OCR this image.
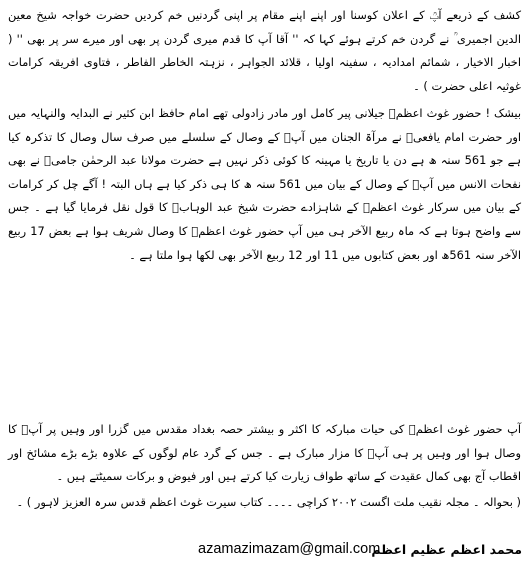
کشف کے ذریعے آپؒ کے اعلان کوسنا اور اپنے اپنے مقام پر اپنی گردنیں خم کردیں حضرت خواجہ شیخ معین الدین اجمیری ؒ نے گردن خم کرتے ہوئے کہا کہ '' آقا آپ کا قدم میری گردن پر بھی اور میرے سر پر بھی '' ( اخبار الاخیار ، شمائم امدادیہ ، سفینہ اولیا ، قلائد الجواہر ، نزہتہ الخاطر الفاطر ، فتاوی افریقہ کرامات غوثیہ اعلی حضرت ) ۔

بیشک ! حضور غوث اعظمؒ جیلانی پیر کامل اور مادر زادولی تھے امام حافظ ابن کثیر نے البدایہ والنہایہ میں اور حضرت امام یافعیؒ نے مرآۃ الجنان میں آپؒ کے وصال کے سلسلے میں صرف سال وصال کا تذکرہ کیا ہے جو 561 سنہ ھ ہے دن یا تاریخ یا مہینہ کا کوئی ذکر نہیں ہے حضرت مولانا عبد الرحمٰن جامیؒ نے بھی نفحات الانس میں آپؒ کے وصال کے بیان میں 561 سنہ ھ کا ہی ذکر کیا ہے ہاں البتہ ! آگے چل کر کرامات کے بیان میں سرکار غوث اعظمؒ کے شاہزادے حضرت شیخ عبد الوہابؒ کا قول نقل فرمایا گیا ہے ۔ جس سے واضح ہوتا ہے کہ ماہ ربیع الآخر ہی میں آپ حضور غوث اعظمؒ کا وصال شریف ہوا ہے بعض 17 ربیع الآخر سنہ 561ھ اور بعض کتابوں میں 11 اور 12 ربیع الآخر بھی لکھا ہوا ملتا ہے ۔

آپ حضور غوث اعظمؒ کی حیات مبارکہ کا اکثر و بیشتر حصہ بغداد مقدس میں گزرا اور وہیں پر آپؒ کا وصال ہوا اور وہیں پر ہی آپؒ کا مزار مبارک ہے ۔ جس کے گرد عام لوگوں کے علاوہ بڑے بڑے مشائخ اور اقطاب آج بھی کمال عقیدت کے ساتھ طواف زیارت کیا کرتے ہیں اور فیوض و برکات سمیٹتے ہیں ۔

( بحوالہ ۔ مجلہ نقیب ملت اگست ۲۰۰۲ کراچی ۔۔۔۔ کتاب سیرت غوث اعظم قدس سرہ العزیز لاہور ) ۔

azamazimazam@gmail.com
محمد اعظم عظیم اعظم
